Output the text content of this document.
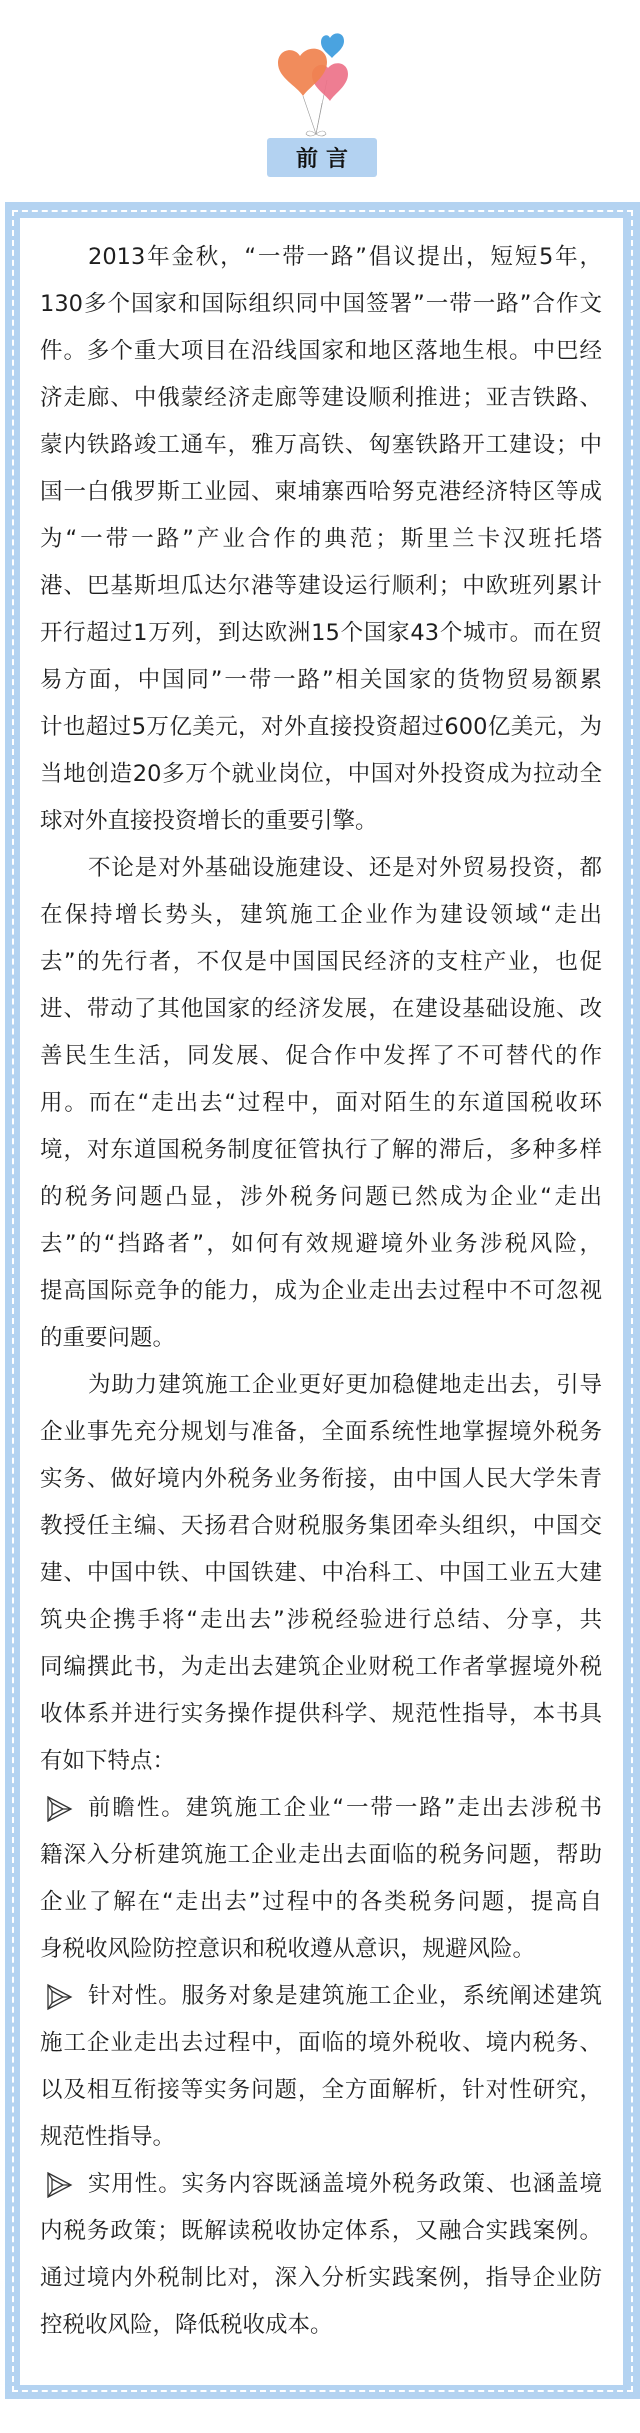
前言
2013年金秋，“一带一路”倡议提出，短短5年，
130多个国家和国际组织同中国签署”一带一路”合作文
件。多个重大项目在沿线国家和地区落地生根。中巴经
济走廊、中俄蒙经济走廊等建设顺利推进；亚吉铁路、
蒙内铁路竣工通车，雅万高铁、匈塞铁路开工建设；中
国一白俄罗斯工业园、柬埔寨西哈努克港经济特区等成
为“一带一路”产业合作的典范；斯里兰卡汉班托塔
港、巴基斯坦瓜达尔港等建设运行顺利；中欧班列累计
开行超过1万列，到达欧洲15个国家43个城市。而在贸
易方面，中国同”一带一路”相关国家的货物贸易额累
计也超过5万亿美元，对外直接投资超过600亿美元，为
当地创造20多万个就业岗位，中国对外投资成为拉动全
球对外直接投资增长的重要引擎。
不论是对外基础设施建设、还是对外贸易投资，都
在保持增长势头，建筑施工企业作为建设领域“走出
去”的先行者，不仅是中国国民经济的支柱产业，也促
进、带动了其他国家的经济发展，在建设基础设施、改
善民生生活，同发展、促合作中发挥了不可替代的作
用。而在“走出去“过程中，面对陌生的东道国税收环
境，对东道国税务制度征管执行了解的滞后，多种多样
的税务问题凸显，涉外税务问题已然成为企业“走出
去”的“挡路者”，如何有效规避境外业务涉税风险，
提高国际竞争的能力，成为企业走出去过程中不可忽视
的重要问题。
为助力建筑施工企业更好更加稳健地走出去，引导
企业事先充分规划与准备，全面系统性地掌握境外税务
实务、做好境内外税务业务衔接，由中国人民大学朱青
教授任主编、天扬君合财税服务集团牵头组织，中国交
建、中国中铁、中国铁建、中冶科工、中国工业五大建
筑央企携手将“走出去”涉税经验进行总结、分享，共
同编撰此书，为走出去建筑企业财税工作者掌握境外税
收体系并进行实务操作提供科学、规范性指导，本书具
有如下特点：
前瞻性。建筑施工企业“一带一路”走出去涉税书
籍深入分析建筑施工企业走出去面临的税务问题，帮助
企业了解在“走出去”过程中的各类税务问题，提高自
身税收风险防控意识和税收遵从意识，规避风险。
针对性。服务对象是建筑施工企业，系统阐述建筑
施工企业走出去过程中，面临的境外税收、境内税务、
以及相互衔接等实务问题，全方面解析，针对性研究，
规范性指导。
实用性。实务内容既涵盖境外税务政策、也涵盖境
内税务政策；既解读税收协定体系，又融合实践案例。
通过境内外税制比对，深入分析实践案例，指导企业防
控税收风险，降低税收成本。
